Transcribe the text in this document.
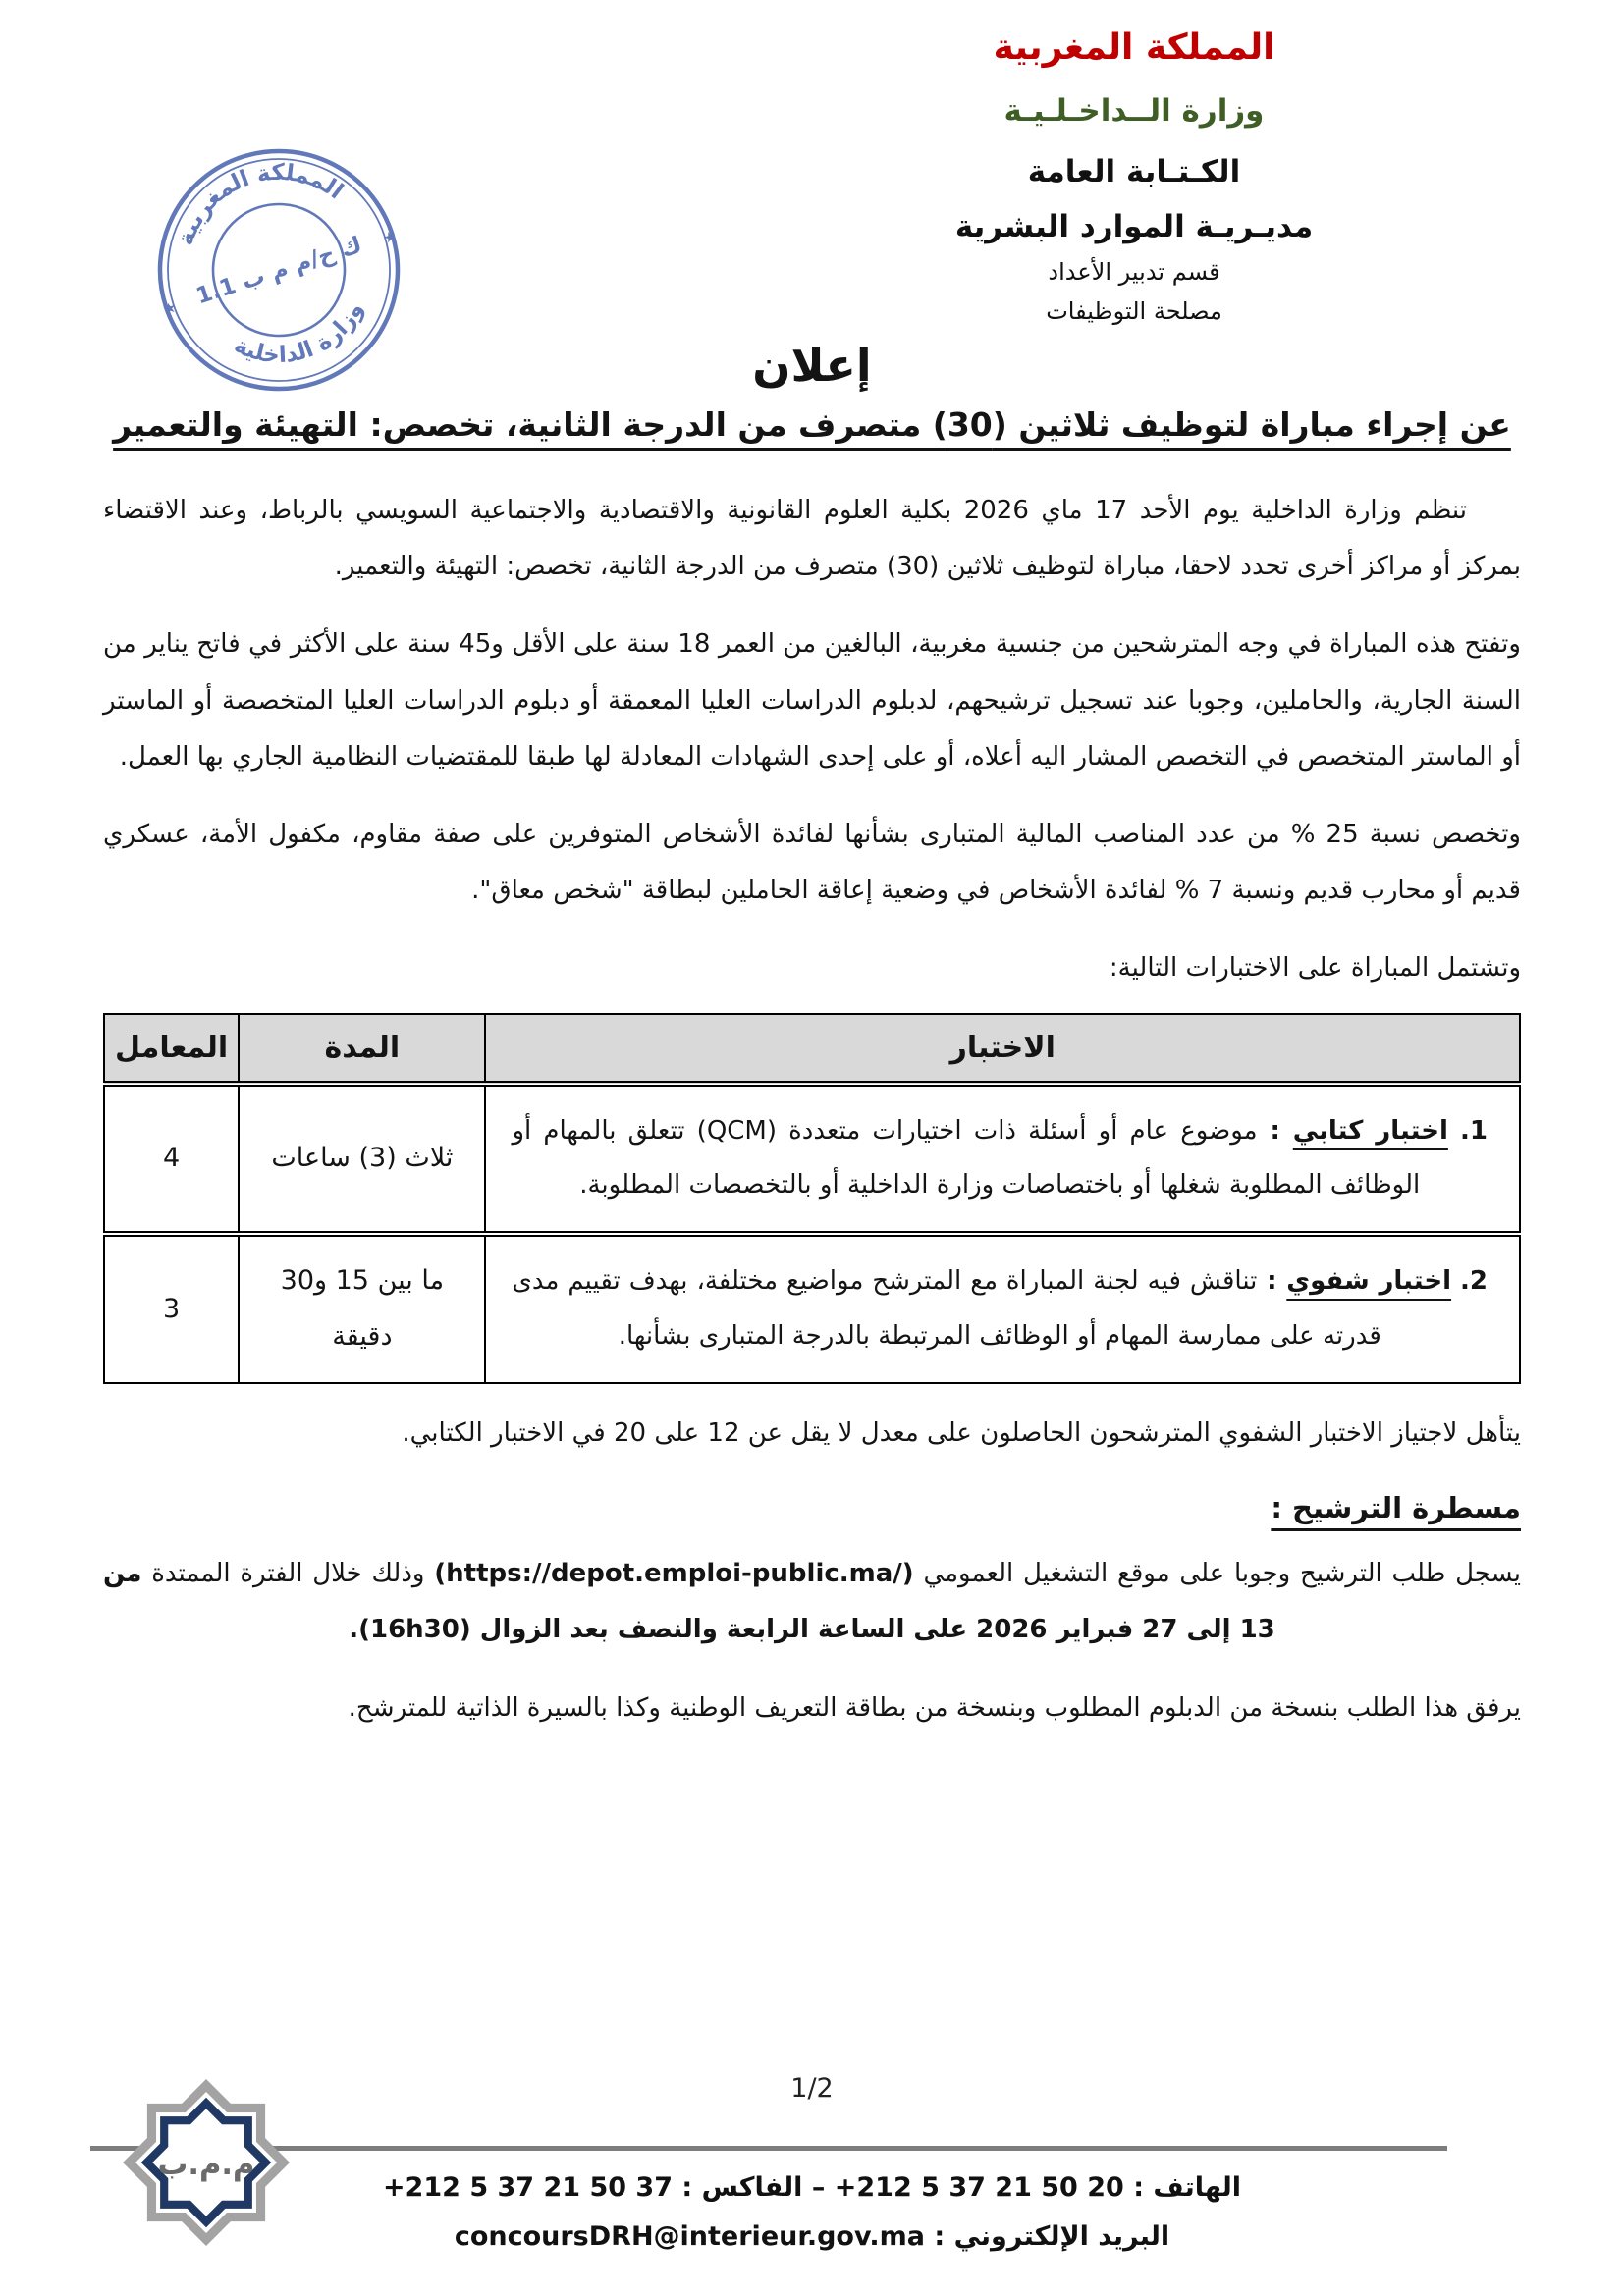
المملكة المغربية
وزارة الداخلية
ك ح/م م ب 1.1
★
★
المملكة المغربية
وزارة الــداخـلـيـة
الكـتـابة العامة
مديـريـة الموارد البشرية
قسم تدبير الأعداد
مصلحة التوظيفات
إعلان
عن إجراء مباراة لتوظيف ثلاثين (30) متصرف من الدرجة الثانية، تخصص: التهيئة والتعمير

تنظم وزارة الداخلية يوم الأحد 17 ماي 2026 بكلية العلوم القانونية والاقتصادية والاجتماعية السويسي بالرباط، وعند الاقتضاء بمركز أو مراكز أخرى تحدد لاحقا، مباراة لتوظيف ثلاثين (30) متصرف من الدرجة الثانية، تخصص: التهيئة والتعمير.

وتفتح هذه المباراة في وجه المترشحين من جنسية مغربية، البالغين من العمر 18 سنة على الأقل و45 سنة على الأكثر في فاتح يناير من السنة الجارية، والحاملين، وجوبا عند تسجيل ترشيحهم، لدبلوم الدراسات العليا المعمقة أو دبلوم الدراسات العليا المتخصصة أو الماستر أو الماستر المتخصص في التخصص المشار اليه أعلاه، أو على إحدى الشهادات المعادلة لها طبقا للمقتضيات النظامية الجاري بها العمل.

وتخصص نسبة 25 % من عدد المناصب المالية المتبارى بشأنها لفائدة الأشخاص المتوفرين على صفة مقاوم، مكفول الأمة، عسكري قديم أو محارب قديم ونسبة 7 % لفائدة الأشخاص في وضعية إعاقة الحاملين لبطاقة "شخص معاق".

وتشتمل المباراة على الاختبارات التالية:

الاختبار	المدة	المعامل
1. اختبار كتابي : موضوع عام أو أسئلة ذات اختيارات متعددة (QCM) تتعلق بالمهام أو الوظائف المطلوبة شغلها أو باختصاصات وزارة الداخلية أو بالتخصصات المطلوبة.	ثلاث (3) ساعات	4
2. اختبار شفوي : تناقش فيه لجنة المباراة مع المترشح مواضيع مختلفة، بهدف تقييم مدى قدرته على ممارسة المهام أو الوظائف المرتبطة بالدرجة المتبارى بشأنها.	ما بين 15 و30 دقيقة	3

يتأهل لاجتياز الاختبار الشفوي المترشحون الحاصلون على معدل لا يقل عن 12 على 20 في الاختبار الكتابي.

مسطرة الترشيح :

يسجل طلب الترشيح وجوبا على موقع التشغيل العمومي (https://depot.emploi-public.ma/) وذلك خلال الفترة الممتدة من 13 إلى 27 فبراير 2026 على الساعة الرابعة والنصف بعد الزوال (16h30).

يرفق هذا الطلب بنسخة من الدبلوم المطلوب وبنسخة من بطاقة التعريف الوطنية وكذا بالسيرة الذاتية للمترشح.

1/2
م.م.ب
الهاتف : +212 5 37 21 50 20 – الفاكس : +212 5 37 21 50 37
البريد الإلكتروني : concoursDRH@interieur.gov.ma
